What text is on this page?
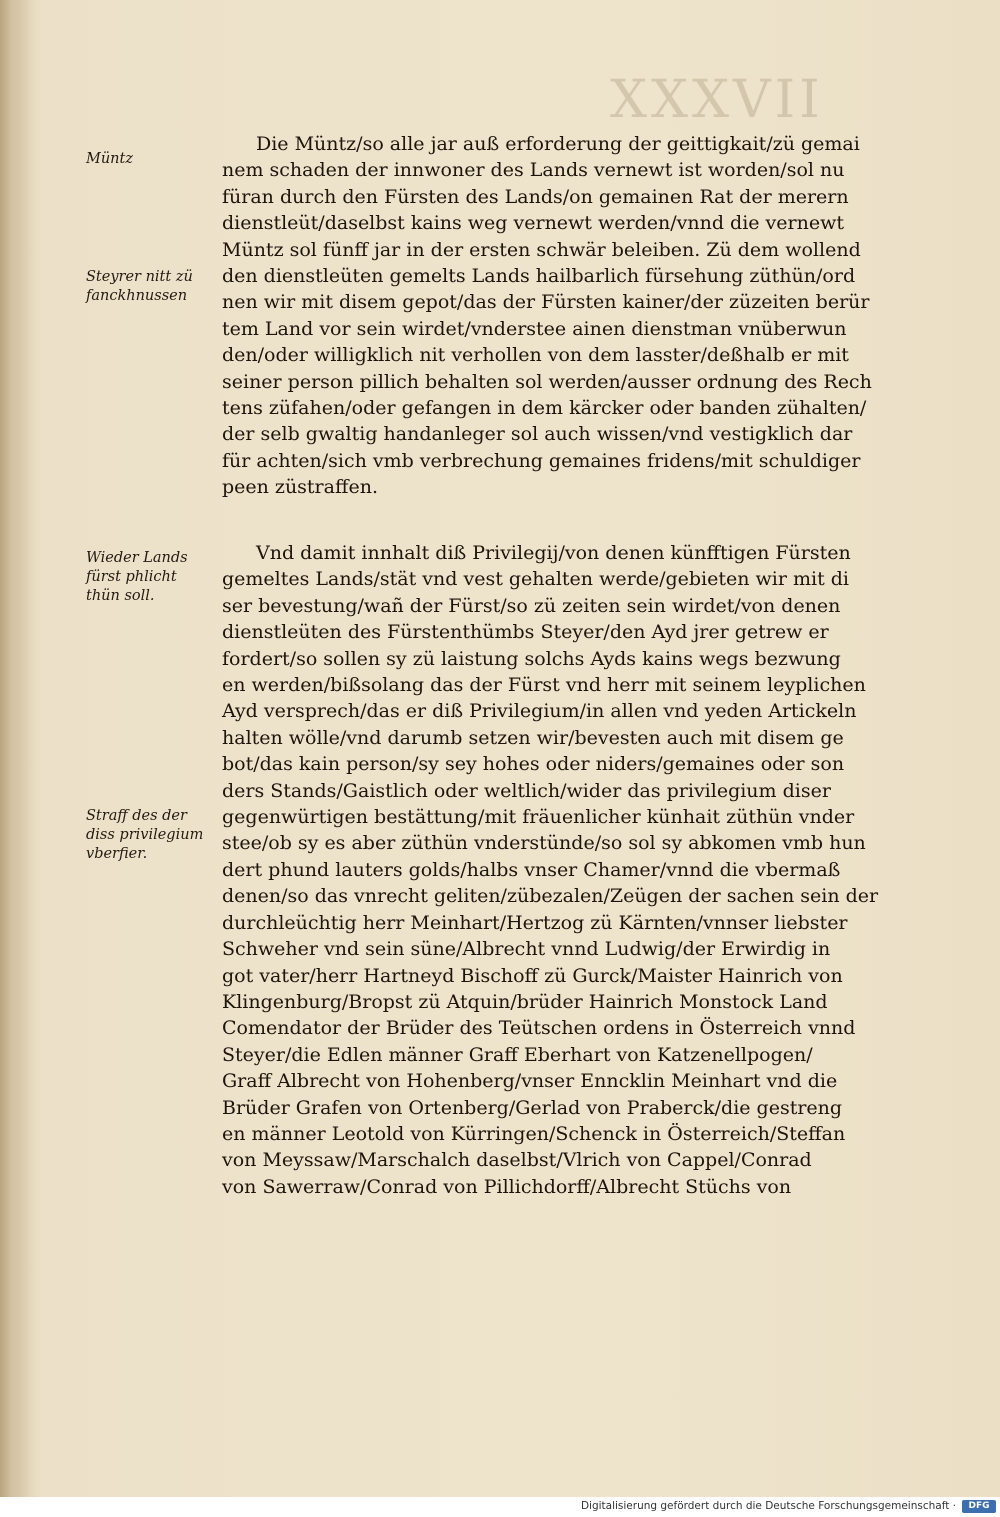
XXXVII
Müntz
Steyrer nitt zü
fanckhnussen
Wieder Lands
fürst phlicht
thün soll.
Straff des der
diss privilegium
vberfier.
Die Müntz/so alle jar auß erforderung der geittigkait/zü gemai
nem schaden der innwoner des Lands vernewt ist worden/sol nu
füran durch den Fürsten des Lands/on gemainen Rat der merern
dienstleüt/daselbst kains weg vernewt werden/vnnd die vernewt
Müntz sol fünff jar in der ersten schwär beleiben. Zü dem wollend
den dienstleüten gemelts Lands hailbarlich fürsehung züthün/ord
nen wir mit disem gepot/das der Fürsten kainer/der züzeiten berür
tem Land vor sein wirdet/vnderstee ainen dienstman vnüberwun
den/oder willigklich nit verhollen von dem lasster/deßhalb er mit
seiner person pillich behalten sol werden/ausser ordnung des Rech
tens züfahen/oder gefangen in dem kärcker oder banden zühalten/
der selb gwaltig handanleger sol auch wissen/vnd vestigklich dar
für achten/sich vmb verbrechung gemaines fridens/mit schuldiger
peen züstraffen.
Vnd damit innhalt diß Privilegij/von denen künfftigen Fürsten
gemeltes Lands/stät vnd vest gehalten werde/gebieten wir mit di
ser bevestung/wañ der Fürst/so zü zeiten sein wirdet/von denen
dienstleüten des Fürstenthümbs Steyer/den Ayd jrer getrew er
fordert/so sollen sy zü laistung solchs Ayds kains wegs bezwung
en werden/bißsolang das der Fürst vnd herr mit seinem leyplichen
Ayd versprech/das er diß Privilegium/in allen vnd yeden Artickeln
halten wölle/vnd darumb setzen wir/bevesten auch mit disem ge
bot/das kain person/sy sey hohes oder niders/gemaines oder son
ders Stands/Gaistlich oder weltlich/wider das privilegium diser
gegenwürtigen bestättung/mit fräuenlicher künhait züthün vnder
stee/ob sy es aber züthün vnderstünde/so sol sy abkomen vmb hun
dert phund lauters golds/halbs vnser Chamer/vnnd die vbermaß
denen/so das vnrecht geliten/zübezalen/Zeügen der sachen sein der
durchleüchtig herr Meinhart/Hertzog zü Kärnten/vnnser liebster
Schweher vnd sein süne/Albrecht vnnd Ludwig/der Erwirdig in
got vater/herr Hartneyd Bischoff zü Gurck/Maister Hainrich von
Klingenburg/Bropst zü Atquin/brüder Hainrich Monstock Land
Comendator der Brüder des Teütschen ordens in Österreich vnnd
Steyer/die Edlen männer Graff Eberhart von Katzenellpogen/
Graff Albrecht von Hohenberg/vnser Enncklin Meinhart vnd die
Brüder Grafen von Ortenberg/Gerlad von Praberck/die gestreng
en männer Leotold von Kürringen/Schenck in Österreich/Steffan
von Meyssaw/Marschalch daselbst/Vlrich von Cappel/Conrad
von Sawerraw/Conrad von Pillichdorff/Albrecht Stüchs von
Digitalisierung gefördert durch die Deutsche Forschungsgemeinschaft ·	DFG
